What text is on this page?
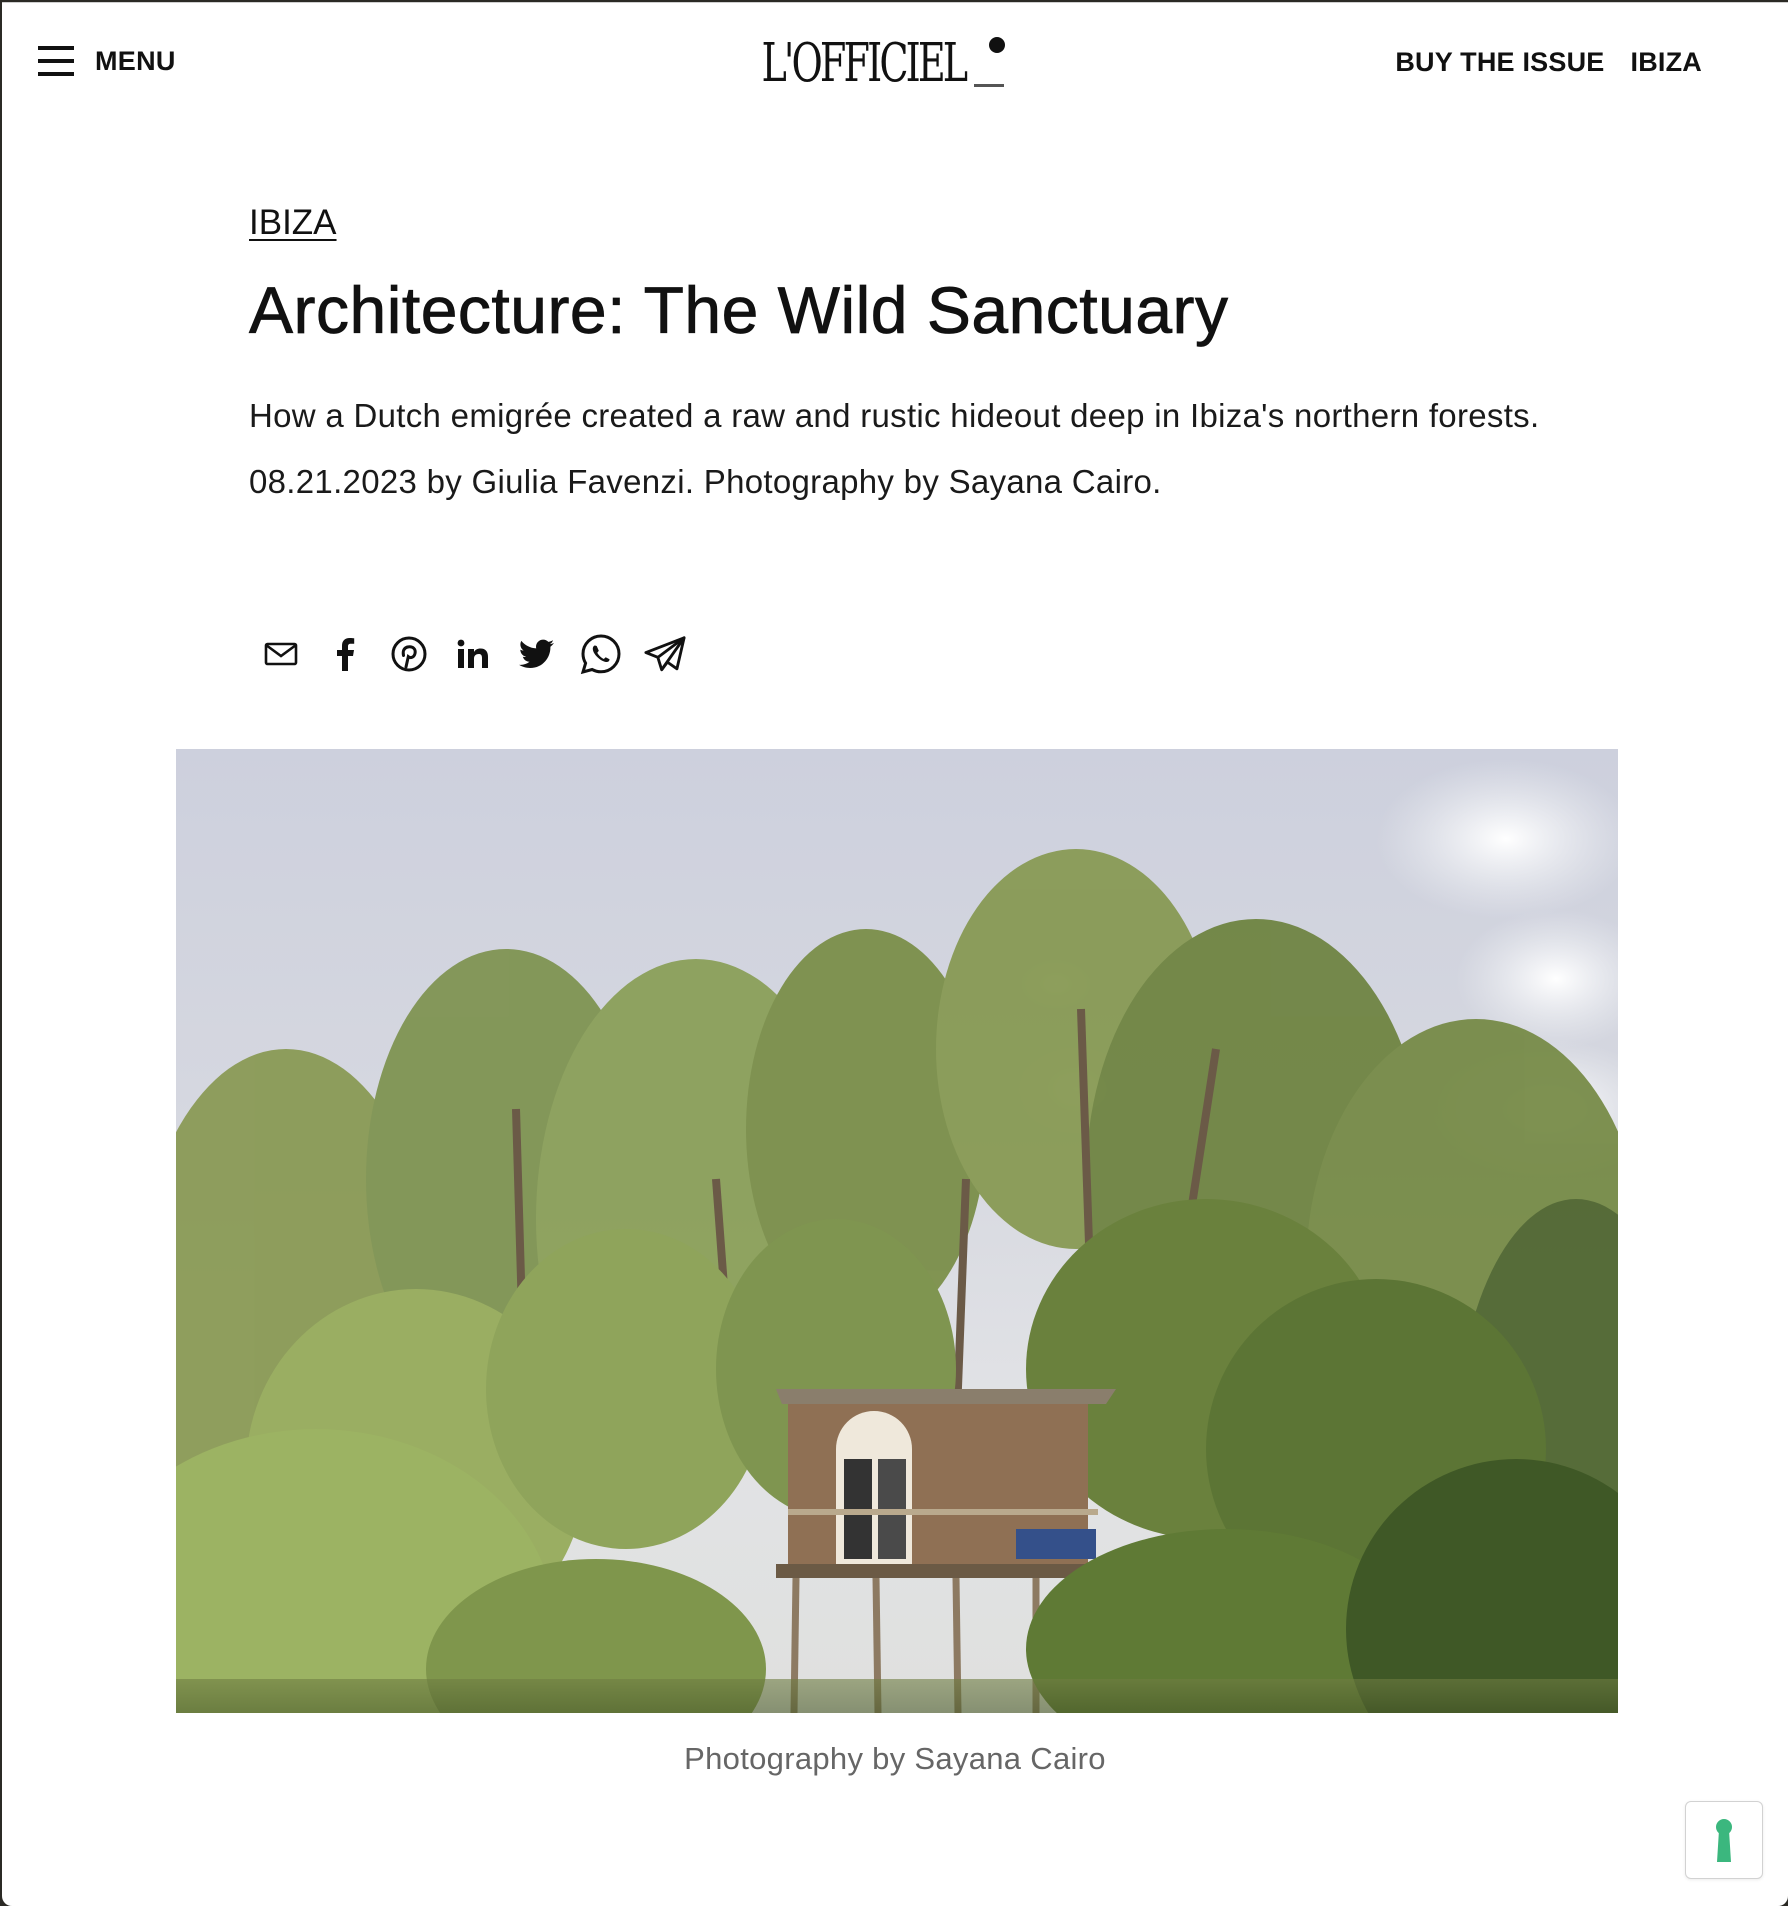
MENU	L'OFFICIEL	BUY THE ISSUE IBIZA
IBIZA
Architecture: The Wild Sanctuary

How a Dutch emigrée created a raw and rustic hideout deep in Ibiza's northern forests.

08.21.2023 by Giulia Favenzi. Photography by Sayana Cairo.

Photography by Sayana Cairo
